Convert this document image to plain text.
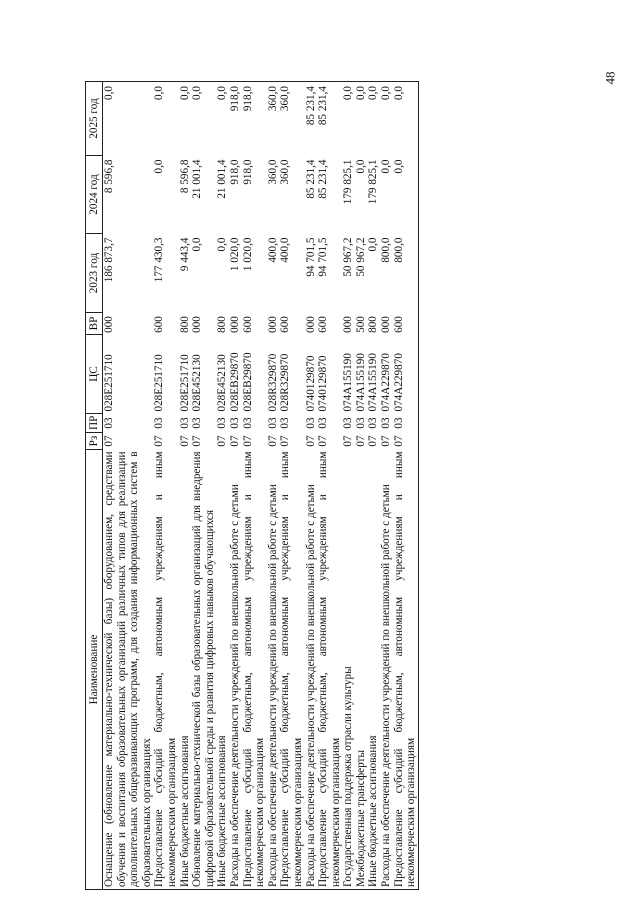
48
Наименование	Рз	ПР	ЦС	ВР	2023 год	2024 год	2025 год
Оснащение (обновление материально-технической базы) оборудованием, средствами обучения и воспитания образовательных организаций различных типов для реализации дополнительных общеразвивающих программ, для создания информационных систем в образовательных организациях	07	03	028E251710	000	186 873,7	8 596,8	0,0
Предоставление субсидий бюджетным, автономным учреждениям и иным некоммерческим организациям	07	03	028E251710	600	177 430,3	0,0	0,0
Иные бюджетные ассигнования	07	03	028E251710	800	9 443,4	8 596,8	0,0
Обновление материально-технической базы образовательных организаций для внедрения цифровой образовательной среды и развития цифровых навыков обучающихся	07	03	028E452130	000	0,0	21 001,4	0,0
Иные бюджетные ассигнования	07	03	028E452130	800	0,0	21 001,4	0,0
Расходы на обеспечение деятельности учреждений по внешкольной работе с детьми	07	03	028EB29870	000	1 020,0	918,0	918,0
Предоставление субсидий бюджетным, автономным учреждениям и иным некоммерческим организациям	07	03	028EB29870	600	1 020,0	918,0	918,0
Расходы на обеспечение деятельности учреждений по внешкольной работе с детьми	07	03	028R329870	000	400,0	360,0	360,0
Предоставление субсидий бюджетным, автономным учреждениям и иным некоммерческим организациям	07	03	028R329870	600	400,0	360,0	360,0
Расходы на обеспечение деятельности учреждений по внешкольной работе с детьми	07	03	0740129870	000	94 701,5	85 231,4	85 231,4
Предоставление субсидий бюджетным, автономным учреждениям и иным некоммерческим организациям	07	03	0740129870	600	94 701,5	85 231,4	85 231,4
Государственная поддержка отрасли культуры	07	03	074A155190	000	50 967,2	179 825,1	0,0
Межбюджетные трансферты	07	03	074A155190	500	50 967,2	0,0	0,0
Иные бюджетные ассигнования	07	03	074A155190	800	0,0	179 825,1	0,0
Расходы на обеспечение деятельности учреждений по внешкольной работе с детьми	07	03	074A229870	000	800,0	0,0	0,0
Предоставление субсидий бюджетным, автономным учреждениям и иным некоммерческим организациям	07	03	074A229870	600	800,0	0,0	0,0
